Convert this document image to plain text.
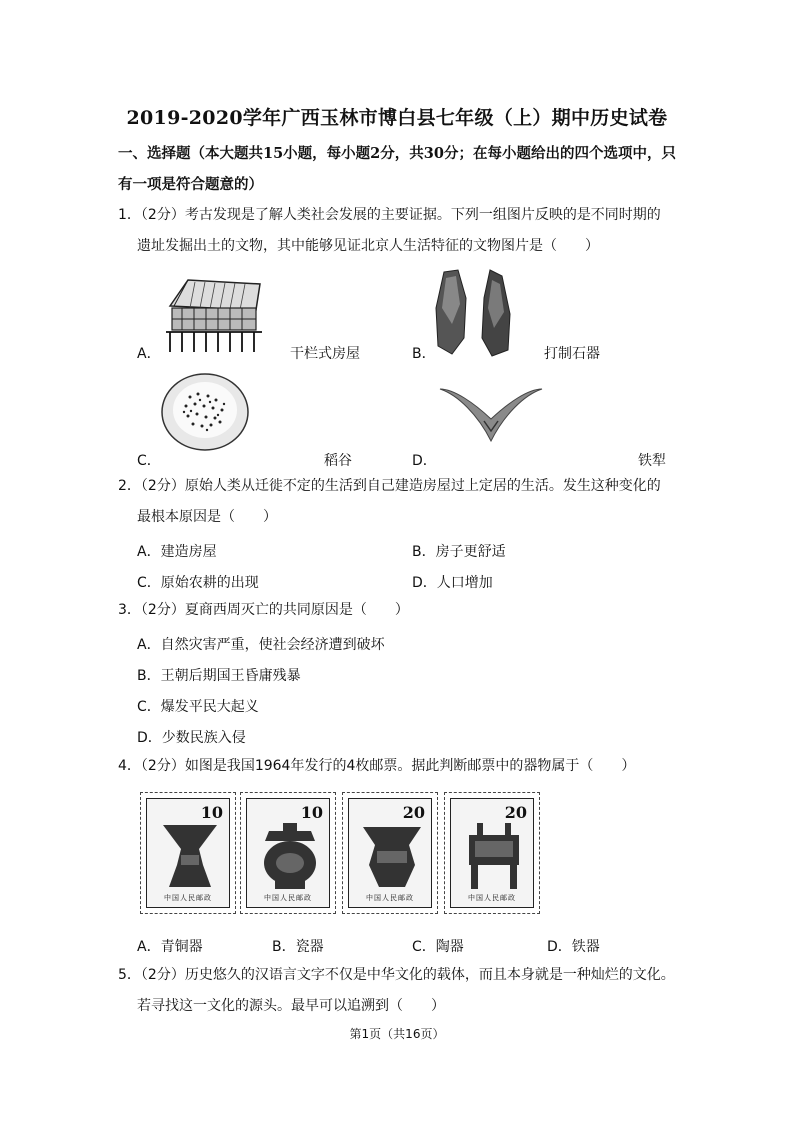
2019-2020学年广西玉林市博白县七年级（上）期中历史试卷
一、选择题（本大题共15小题，每小题2分，共30分；在每小题给出的四个选项中，只有一项是符合题意的）
1．（2分）考古发现是了解人类社会发展的主要证据。下列一组图片反映的是不同时期的
遗址发掘出土的文物，其中能够见证北京人生活特征的文物图片是（　　）
A．	干栏式房屋	B．	打制石器
C．	稻谷	D．	铁犁
2．（2分）原始人类从迁徙不定的生活到自己建造房屋过上定居的生活。发生这种变化的
最根本原因是（　　）
A．建造房屋	B．房子更舒适
C．原始农耕的出现	D．人口增加
3．（2分）夏商西周灭亡的共同原因是（　　）
A．自然灾害严重，使社会经济遭到破坏
B．王朝后期国王昏庸残暴
C．爆发平民大起义
D．少数民族入侵
4．（2分）如图是我国1964年发行的4枚邮票。据此判断邮票中的器物属于（　　）
10
中国人民邮政
10
中国人民邮政
20
中国人民邮政
20
中国人民邮政
A．青铜器	B．瓷器	C．陶器	D．铁器
5．（2分）历史悠久的汉语言文字不仅是中华文化的载体，而且本身就是一种灿烂的文化。
若寻找这一文化的源头。最早可以追溯到（　　）
第1页（共16页）
